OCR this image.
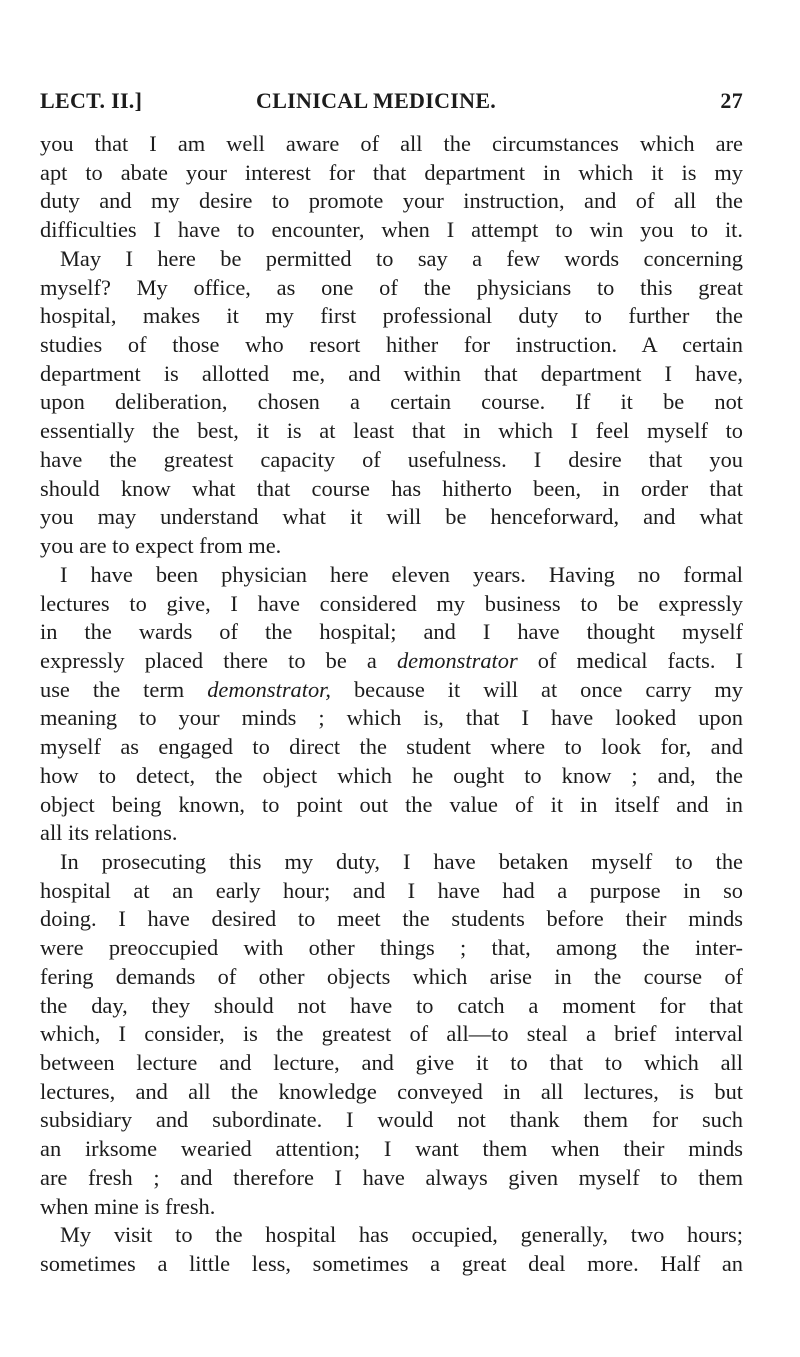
LECT. II.]	CLINICAL MEDICINE.	27
you that I am well aware of all the circumstances which are
apt to abate your interest for that department in which it is my
duty and my desire to promote your instruction, and of all the
difficulties I have to encounter, when I attempt to win you to it.
May I here be permitted to say a few words concerning
myself? My office, as one of the physicians to this great
hospital, makes it my first professional duty to further the
studies of those who resort hither for instruction. A certain
department is allotted me, and within that department I have,
upon deliberation, chosen a certain course. If it be not
essentially the best, it is at least that in which I feel myself to
have the greatest capacity of usefulness. I desire that you
should know what that course has hitherto been, in order that
you may understand what it will be henceforward, and what
you are to expect from me.
I have been physician here eleven years. Having no formal
lectures to give, I have considered my business to be expressly
in the wards of the hospital; and I have thought myself
expressly placed there to be a demonstrator of medical facts. I
use the term demonstrator, because it will at once carry my
meaning to your minds ; which is, that I have looked upon
myself as engaged to direct the student where to look for, and
how to detect, the object which he ought to know ; and, the
object being known, to point out the value of it in itself and in
all its relations.
In prosecuting this my duty, I have betaken myself to the
hospital at an early hour; and I have had a purpose in so
doing. I have desired to meet the students before their minds
were preoccupied with other things ; that, among the inter-
fering demands of other objects which arise in the course of
the day, they should not have to catch a moment for that
which, I consider, is the greatest of all—to steal a brief interval
between lecture and lecture, and give it to that to which all
lectures, and all the knowledge conveyed in all lectures, is but
subsidiary and subordinate. I would not thank them for such
an irksome wearied attention; I want them when their minds
are fresh ; and therefore I have always given myself to them
when mine is fresh.
My visit to the hospital has occupied, generally, two hours;
sometimes a little less, sometimes a great deal more. Half an
